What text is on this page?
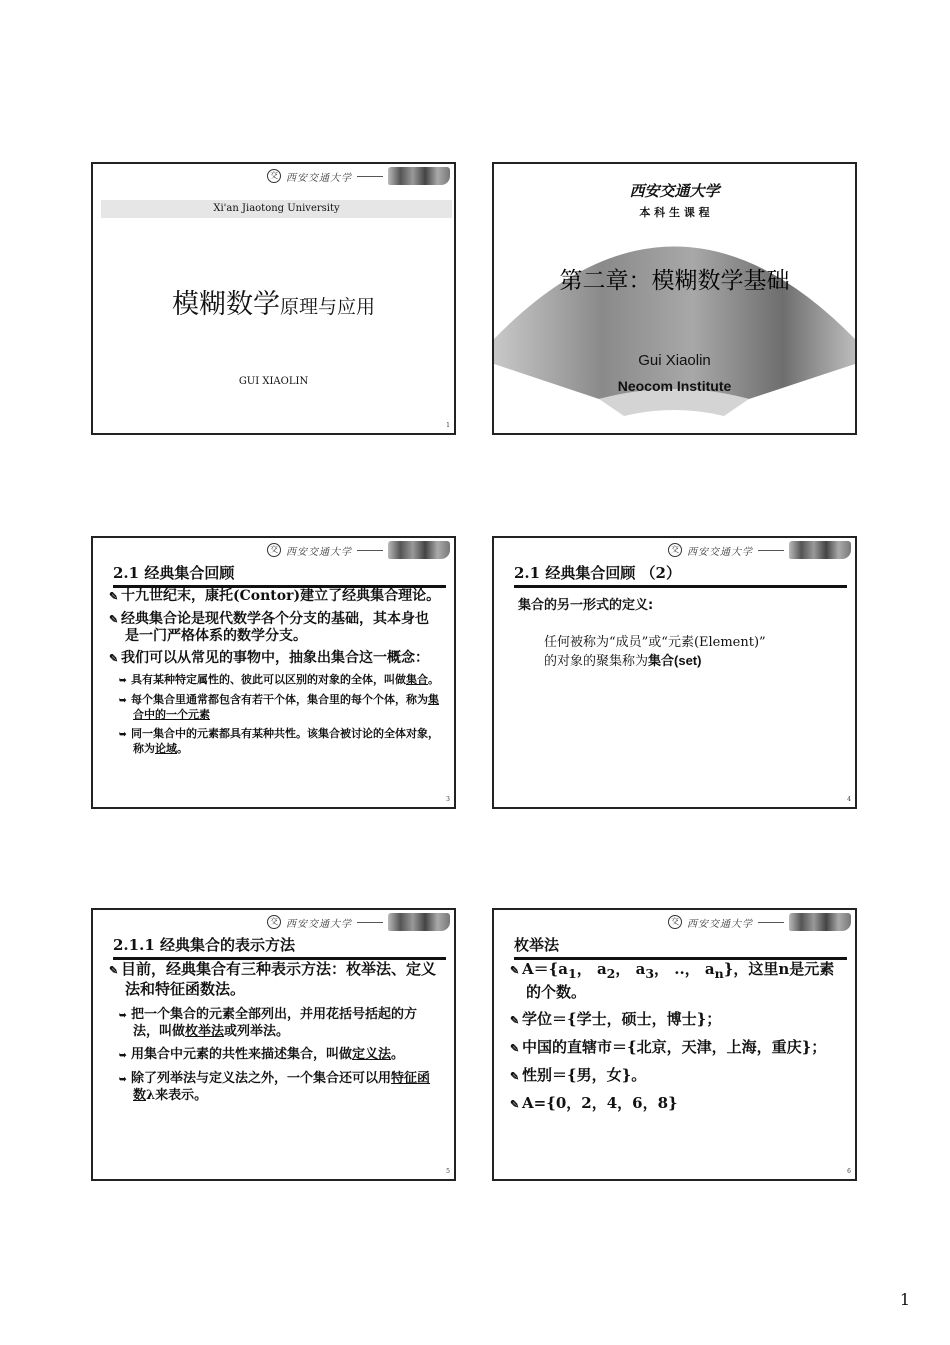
交 西安交通大学
Xi'an Jiaotong University
模糊数学原理与应用
GUI XIAOLIN
1
西安交通大学
本 科 生 课 程
第二章：模糊数学基础
Gui Xiaolin
Neocom Institute
交 西安交通大学
2.1 经典集合回顾
✎ 十九世纪末，康托(Contor)建立了经典集合理论。
✎ 经典集合论是现代数学各个分支的基础，其本身也是一门严格体系的数学分支。
✎ 我们可以从常见的事物中，抽象出集合这一概念：
➥ 具有某种特定属性的、彼此可以区别的对象的全体，叫做集合。
➥ 每个集合里通常都包含有若干个体，集合里的每个个体，称为集合中的一个元素
➥ 同一集合中的元素都具有某种共性。该集合被讨论的全体对象，称为论域。
3
交 西安交通大学
2.1 经典集合回顾 （2）
集合的另一形式的定义:
任何被称为“成员”或“元素(Element)”
的对象的聚集称为集合(set)
4
交 西安交通大学
2.1.1 经典集合的表示方法
✎ 目前，经典集合有三种表示方法：枚举法、定义法和特征函数法。
➥ 把一个集合的元素全部列出，并用花括号括起的方法，叫做枚举法或列举法。
➥ 用集合中元素的共性来描述集合，叫做定义法。
➥ 除了列举法与定义法之外，一个集合还可以用特征函数λ来表示。
5
交 西安交通大学
枚举法
✎ $A=\{a_1$， $a_2$， $a_3$， ..， $a_n$}，这里n是元素的个数。
✎ 学位＝{学士，硕士，博士}；
✎ 中国的直辖市＝{北京，天津，上海，重庆}；
✎ 性别＝{男，女}。
✎ A={0，2，4，6，8}
6
1
